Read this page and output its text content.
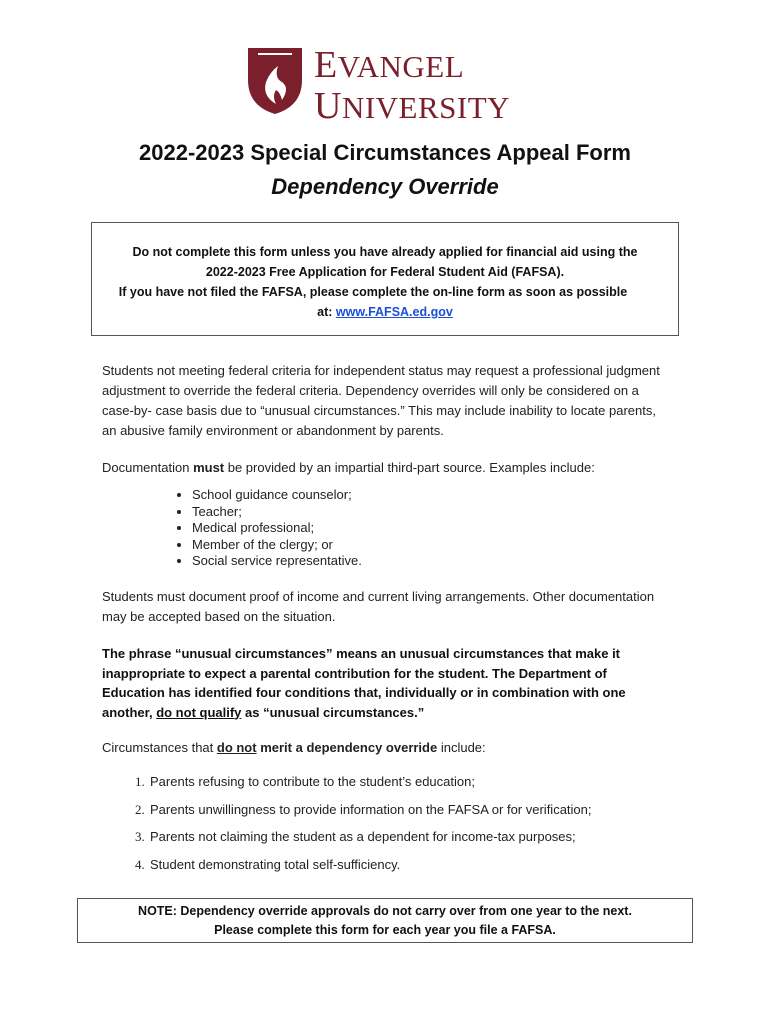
EVANGEL
UNIVERSITY
2022-2023 Special Circumstances Appeal Form
Dependency Override
Do not complete this form unless you have already applied for financial aid using the
2022-2023 Free Application for Federal Student Aid (FAFSA).
If you have not filed the FAFSA, please complete the on-line form as soon as possible
at: www.FAFSA.ed.gov
Students not meeting federal criteria for independent status may request a professional judgment adjustment to override the federal criteria. Dependency overrides will only be considered on a case-by- case basis due to “unusual circumstances.” This may include inability to locate parents, an abusive family environment or abandonment by parents.
Documentation must be provided by an impartial third-part source. Examples include:
• School guidance counselor;
• Teacher;
• Medical professional;
• Member of the clergy; or
• Social service representative.
Students must document proof of income and current living arrangements. Other documentation may be accepted based on the situation.
The phrase “unusual circumstances” means an unusual circumstances that make it inappropriate to expect a parental contribution for the student. The Department of Education has identified four conditions that, individually or in combination with one another, do not qualify as “unusual circumstances.”
Circumstances that do not merit a dependency override include:
1. Parents refusing to contribute to the student’s education;
2. Parents unwillingness to provide information on the FAFSA or for verification;
3. Parents not claiming the student as a dependent for income-tax purposes;
4. Student demonstrating total self-sufficiency.
NOTE: Dependency override approvals do not carry over from one year to the next.
Please complete this form for each year you file a FAFSA.
